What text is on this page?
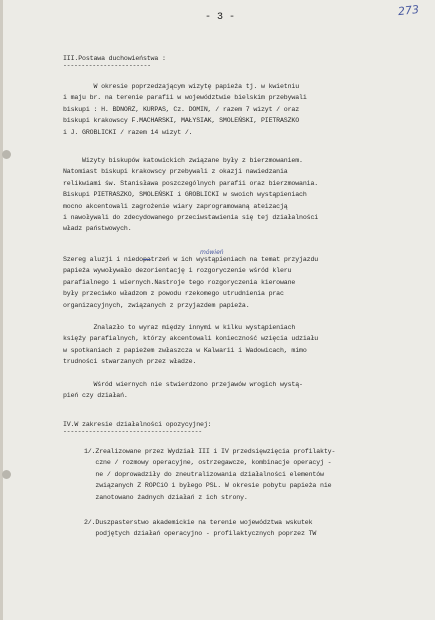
- 3 -	273
III.Postawa duchowieństwa :
------------------------
W okresie poprzedzającym wizytę papieża tj. w kwietniu
i maju br. na terenie parafii w województwie bielskim przebywali
biskupi : H. BDNORZ, KURPAS, Cz. DOMIN, / razem 7 wizyt / oraz
biskupi krakowscy F.MACHARSKI, MAŁYSIAK, SMOLEŃSKI, PIETRASZKO
i J. GROBLICKI / razem 14 wizyt /.
Wizyty biskupów katowickich związane były z bierzmowaniem.
Natomiast biskupi krakowscy przebywali z okazji nawiedzania
relikwiami św. Stanisława poszczególnych parafii oraz bierzmowania.
Biskupi PIETRASZKO, SMOLEŃSKI i GROBLICKI w swoich wystąpieniach
mocno akcentowali zagrożenie wiary zaprogramowaną ateizacją
i nawoływali do zdecydowanego przeciwstawienia się tej działalności
władz państwowych.
Szereg aluzji i niedopatrzeń w ich wystąpieniach na temat przyjazdu
mówień
papieża wywoływało dezorientację i rozgoryczenie wśród kleru
parafialnego i wiernych.Nastroje tego rozgoryczenia kierowane
były przeciwko władzom z powodu rzekomego utrudnienia prac
organizacyjnych, związanych z przyjazdem papieża.
Znalazło to wyraz między innymi w kilku wystąpieniach
księży parafialnych, którzy akcentowali konieczność wzięcia udziału
w spotkaniach z papieżem zwłaszcza w Kalwarii i Wadowicach, mimo
trudności stwarzanych przez władze.
Wśród wiernych nie stwierdzono przejawów wrogich wystą-
pień czy działań.
IV.W zakresie działalności opozycyjnej:
--------------------------------------
1/.Zrealizowane przez Wydział III i IV przedsięwzięcia profilakty-
czne / rozmowy operacyjne, ostrzegawcze, kombinacje operacyj -
ne / doprowadziły do zneutralizowania działalności elementów
związanych Z ROPCiO i byłego PSL. W okresie pobytu papieża nie
zanotowano żadnych działań z ich strony.
2/.Duszpasterstwo akademickie na terenie województwa wskutek
podjętych działań operacyjno - profilaktycznych poprzez TW
